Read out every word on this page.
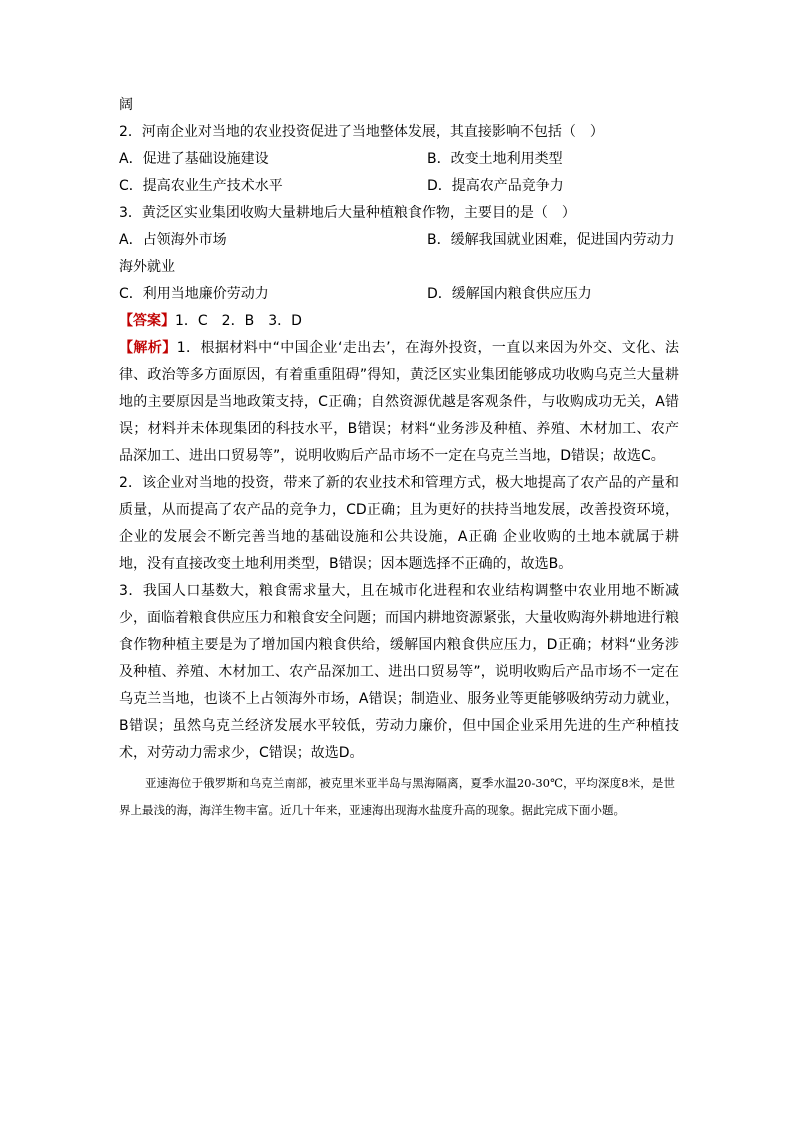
阔
2．河南企业对当地的农业投资促进了当地整体发展，其直接影响不包括（　）
A．促进了基础设施建设	B．改变土地利用类型
C．提高农业生产技术水平	D．提高农产品竞争力
3．黄泛区实业集团收购大量耕地后大量种植粮食作物，主要目的是（　）
A．占领海外市场	B．缓解我国就业困难，促进国内劳动力
海外就业
C．利用当地廉价劳动力	D．缓解国内粮食供应压力
【答案】1．C　2．B　3．D

【解析】1．根据材料中“中国企业‘走出去’，在海外投资，一直以来因为外交、文化、法律、政治等多方面原因，有着重重阻碍”得知，黄泛区实业集团能够成功收购乌克兰大量耕地的主要原因是当地政策支持，C正确；自然资源优越是客观条件，与收购成功无关，A错误；材料并未体现集团的科技水平，B错误；材料“业务涉及种植、养殖、木材加工、农产品深加工、进出口贸易等”，说明收购后产品市场不一定在乌克兰当地，D错误；故选C。

2．该企业对当地的投资，带来了新的农业技术和管理方式，极大地提高了农产品的产量和质量，从而提高了农产品的竞争力，CD正确；且为更好的扶持当地发展，改善投资环境，企业的发展会不断完善当地的基础设施和公共设施，A正确 企业收购的土地本就属于耕地，没有直接改变土地利用类型，B错误；因本题选择不正确的，故选B。

3．我国人口基数大，粮食需求量大，且在城市化进程和农业结构调整中农业用地不断减少，面临着粮食供应压力和粮食安全问题；而国内耕地资源紧张，大量收购海外耕地进行粮食作物种植主要是为了增加国内粮食供给，缓解国内粮食供应压力，D正确；材料“业务涉及种植、养殖、木材加工、农产品深加工、进出口贸易等”，说明收购后产品市场不一定在乌克兰当地，也谈不上占领海外市场，A错误；制造业、服务业等更能够吸纳劳动力就业，B错误；虽然乌克兰经济发展水平较低，劳动力廉价，但中国企业采用先进的生产种植技术，对劳动力需求少，C错误；故选D。

亚速海位于俄罗斯和乌克兰南部，被克里米亚半岛与黑海隔离，夏季水温20-30℃，平均深度8米，是世界上最浅的海，海洋生物丰富。近几十年来，亚速海出现海水盐度升高的现象。据此完成下面小题。
